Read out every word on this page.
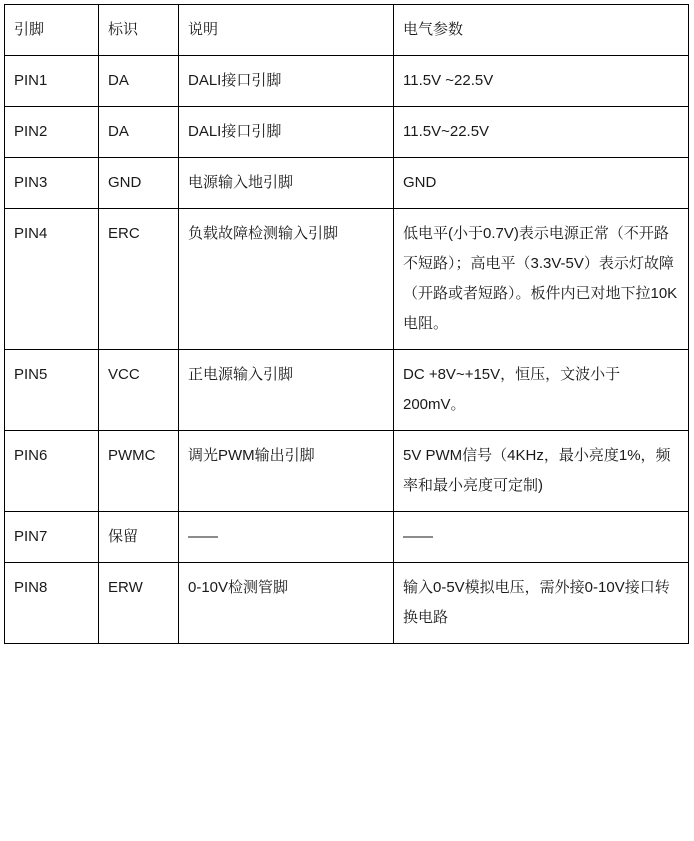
引脚	标识	说明	电气参数
PIN1	DA	DALI接口引脚	11.5V ~22.5V
PIN2	DA	DALI接口引脚	11.5V~22.5V
PIN3	GND	电源输入地引脚	GND
PIN4	ERC	负载故障检测输入引脚	低电平(小于0.7V)表示电源正常（不开路不短路）；高电平（3.3V-5V）表示灯故障（开路或者短路）。板件内已对地下拉10K电阻。
PIN5	VCC	正电源输入引脚	DC +8V~+15V，恒压，文波小于200mV。
PIN6	PWMC	调光PWM输出引脚	5V PWM信号（4KHz，最小亮度1%，频率和最小亮度可定制)
PIN7	保留	——	——
PIN8	ERW	0-10V检测管脚	输入0-5V模拟电压，需外接0-10V接口转换电路
